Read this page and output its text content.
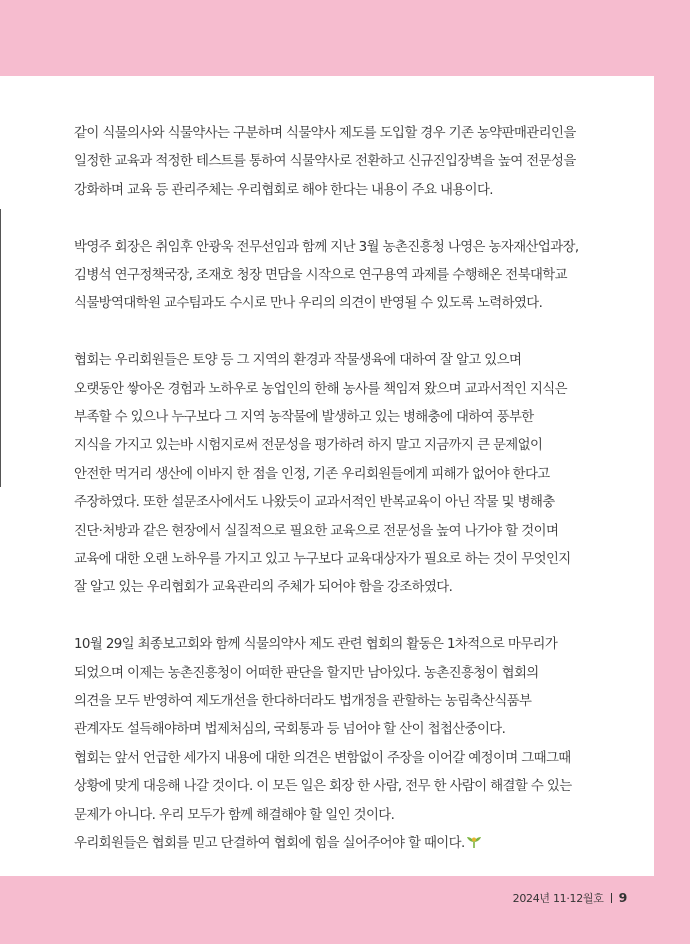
같이 식물의사와 식물약사는 구분하며 식물약사 제도를 도입할 경우 기존 농약판매관리인을

일정한 교육과 적정한 테스트를 통하여 식물약사로 전환하고 신규진입장벽을 높여 전문성을

강화하며 교육 등 관리주체는 우리협회로 해야 한다는 내용이 주요 내용이다.

박영주 회장은 취임후 안광욱 전무선임과 함께 지난 3월 농촌진흥청 나영은 농자재산업과장,

김병석 연구정책국장, 조재호 청장 면담을 시작으로 연구용역 과제를 수행해온 전북대학교

식물방역대학원 교수팀과도 수시로 만나 우리의 의견이 반영될 수 있도록 노력하였다.

협회는 우리회원들은 토양 등 그 지역의 환경과 작물생육에 대하여 잘 알고 있으며

오랫동안 쌓아온 경험과 노하우로 농업인의 한해 농사를 책임져 왔으며 교과서적인 지식은

부족할 수 있으나 누구보다 그 지역 농작물에 발생하고 있는 병해충에 대하여 풍부한

지식을 가지고 있는바 시험지로써 전문성을 평가하려 하지 말고 지금까지 큰 문제없이

안전한 먹거리 생산에 이바지 한 점을 인정, 기존 우리회원들에게 피해가 없어야 한다고

주장하였다. 또한 설문조사에서도 나왔듯이 교과서적인 반복교육이 아닌 작물 및 병해충

진단·처방과 같은 현장에서 실질적으로 필요한 교육으로 전문성을 높여 나가야 할 것이며

교육에 대한 오랜 노하우를 가지고 있고 누구보다 교육대상자가 필요로 하는 것이 무엇인지

잘 알고 있는 우리협회가 교육관리의 주체가 되어야 함을 강조하였다.

10월 29일 최종보고회와 함께 식물의약사 제도 관련 협회의 활동은 1차적으로 마무리가

되었으며 이제는 농촌진흥청이 어떠한 판단을 할지만 남아있다. 농촌진흥청이 협회의

의견을 모두 반영하여 제도개선을 한다하더라도 법개정을 관할하는 농림축산식품부

관계자도 설득해야하며 법제처심의, 국회통과 등 넘어야 할 산이 첩첩산중이다.

협회는 앞서 언급한 세가지 내용에 대한 의견은 변함없이 주장을 이어갈 예정이며 그때그때

상황에 맞게 대응해 나갈 것이다. 이 모든 일은 회장 한 사람, 전무 한 사람이 해결할 수 있는

문제가 아니다. 우리 모두가 함께 해결해야 할 일인 것이다.

우리회원들은 협회를 믿고 단결하여 협회에 힘을 실어주어야 할 때이다.

2024년 11·12월호 9
